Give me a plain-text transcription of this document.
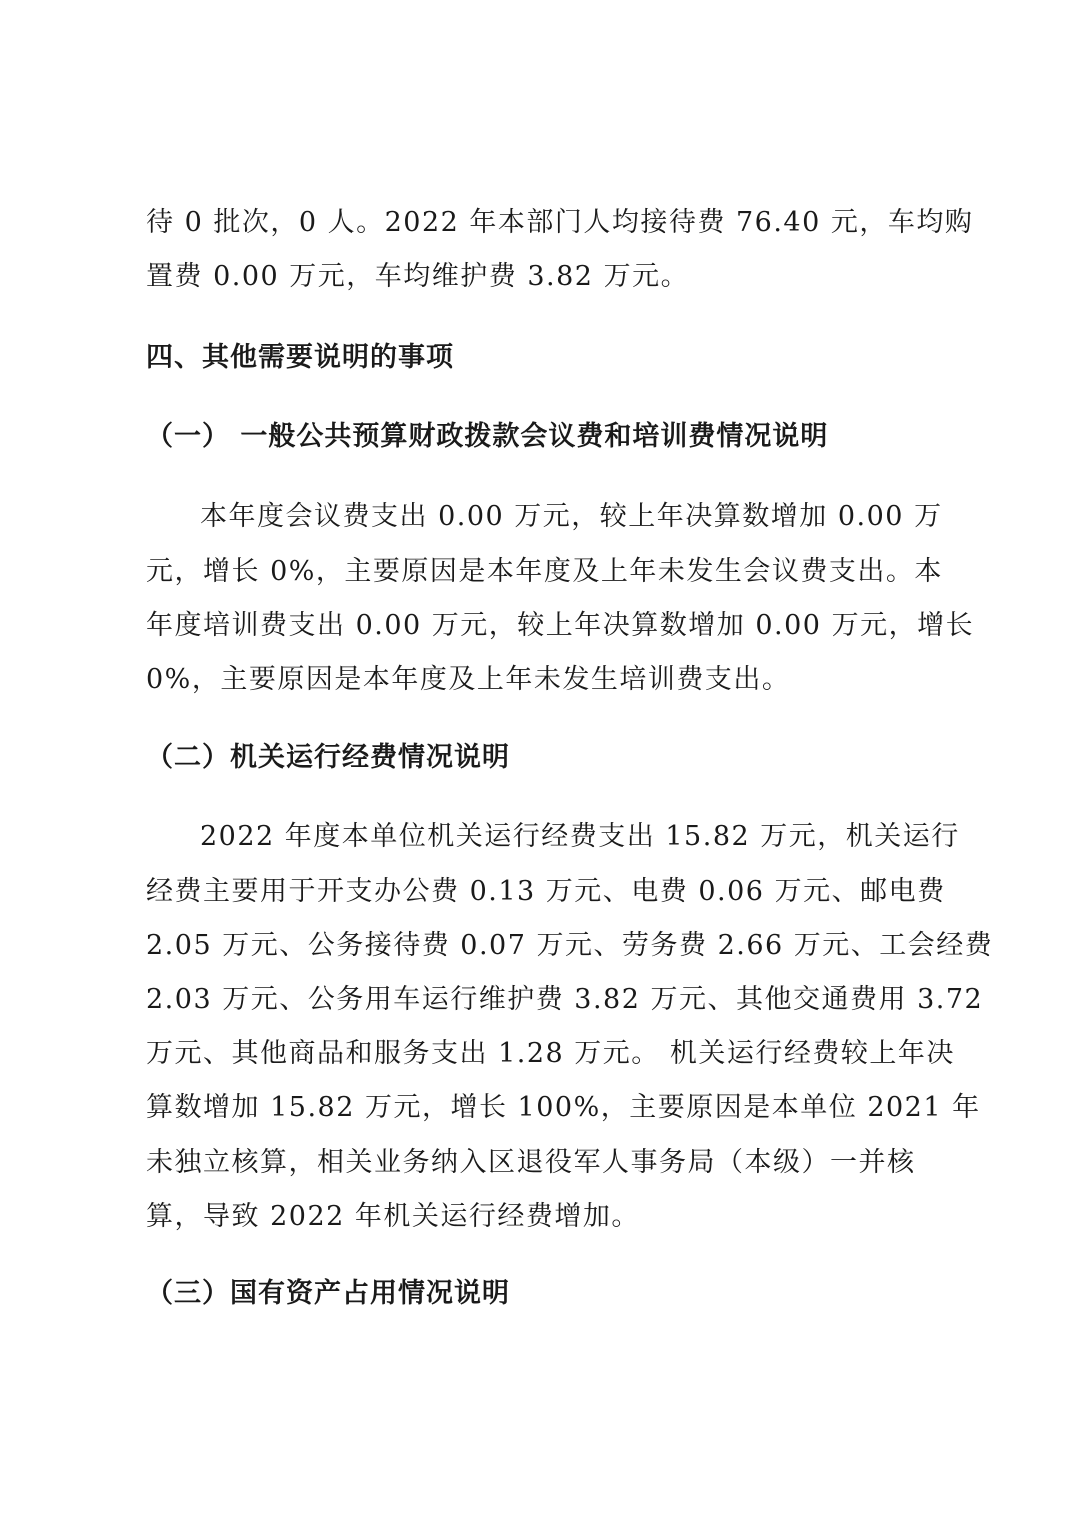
待 0 批次，0 人。2022 年本部门人均接待费 76.40 元，车均购
置费 0.00 万元，车均维护费 3.82 万元。
四、其他需要说明的事项
（一） 一般公共预算财政拨款会议费和培训费情况说明
本年度会议费支出 0.00 万元，较上年决算数增加 0.00 万
元，增长 0%，主要原因是本年度及上年未发生会议费支出。本
年度培训费支出 0.00 万元，较上年决算数增加 0.00 万元，增长
0%，主要原因是本年度及上年未发生培训费支出。
（二）机关运行经费情况说明
2022 年度本单位机关运行经费支出 15.82 万元，机关运行
经费主要用于开支办公费 0.13 万元、电费 0.06 万元、邮电费
2.05 万元、公务接待费 0.07 万元、劳务费 2.66 万元、工会经费
2.03 万元、公务用车运行维护费 3.82 万元、其他交通费用 3.72
万元、其他商品和服务支出 1.28 万元。 机关运行经费较上年决
算数增加 15.82 万元，增长 100%，主要原因是本单位 2021 年
未独立核算，相关业务纳入区退役军人事务局（本级）一并核
算，导致 2022 年机关运行经费增加。
（三）国有资产占用情况说明
